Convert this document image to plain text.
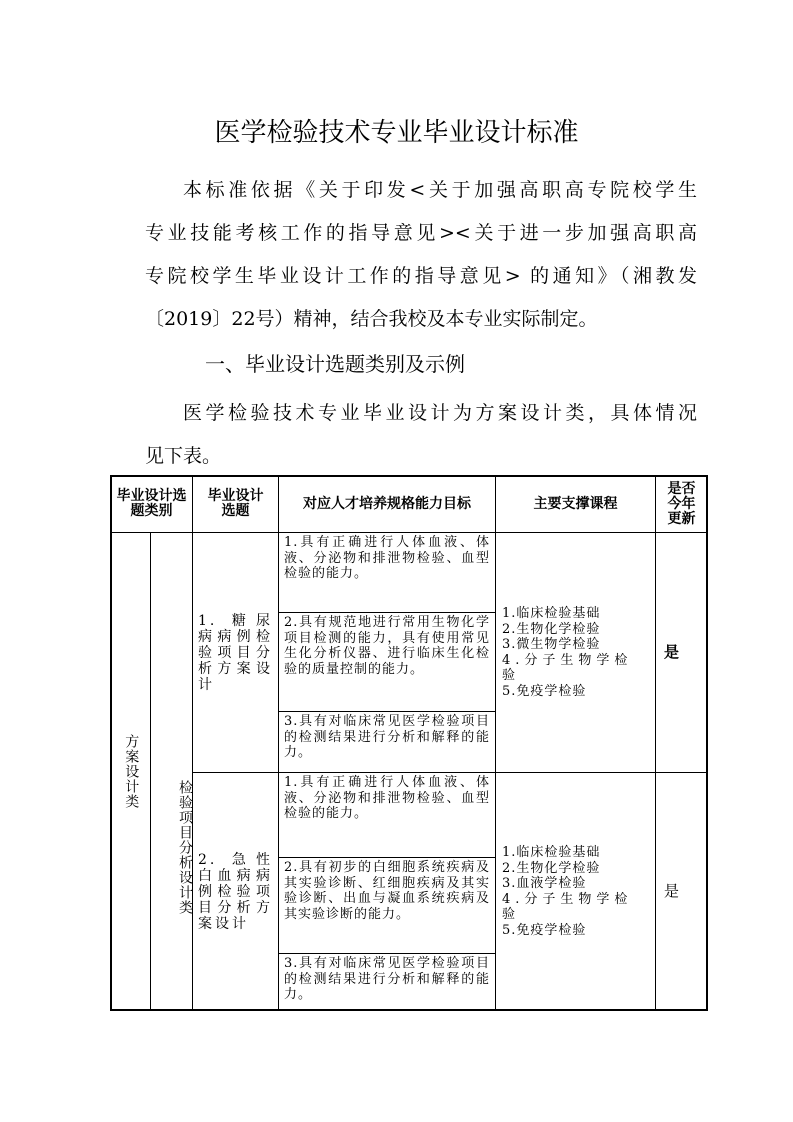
医学检验技术专业毕业设计标准
本标准依据《关于印发<关于加强高职高专院校学生
专业技能考核工作的指导意见><关于进一步加强高职高
专院校学生毕业设计工作的指导意见> 的通知》（湘教发
〔2019〕22号）精神，结合我校及本专业实际制定。
一、毕业设计选题类别及示例
医学检验技术专业毕业设计为方案设计类，具体情况
见下表。
毕业设计选题类别
毕业设计选题	对应人才培养规格能力目标	主要支撑课程
是否今年更新
方案设计类
检验项目分析设计类
1. 糖尿病病例检验项目分析方案设计
1.具有正确进行人体血液、体液、分泌物和排泄物检验、血型检验的能力。
2.具有规范地进行常用生物化学项目检测的能力，具有使用常见生化分析仪器、进行临床生化检验的质量控制的能力。
3.具有对临床常见医学检验项目的检测结果进行分析和解释的能力。
1.临床检验基础
2.生物化学检验
3.微生物学检验
4.分子生物学检验
5.免疫学检验
是
2. 急性白血病病例检验项目分析方案设计
1.具有正确进行人体血液、体液、分泌物和排泄物检验、血型检验的能力。
2.具有初步的白细胞系统疾病及其实验诊断、红细胞疾病及其实验诊断、出血与凝血系统疾病及其实验诊断的能力。
3.具有对临床常见医学检验项目的检测结果进行分析和解释的能力。
1.临床检验基础
2.生物化学检验
3.血液学检验
4.分子生物学检验
5.免疫学检验
是
